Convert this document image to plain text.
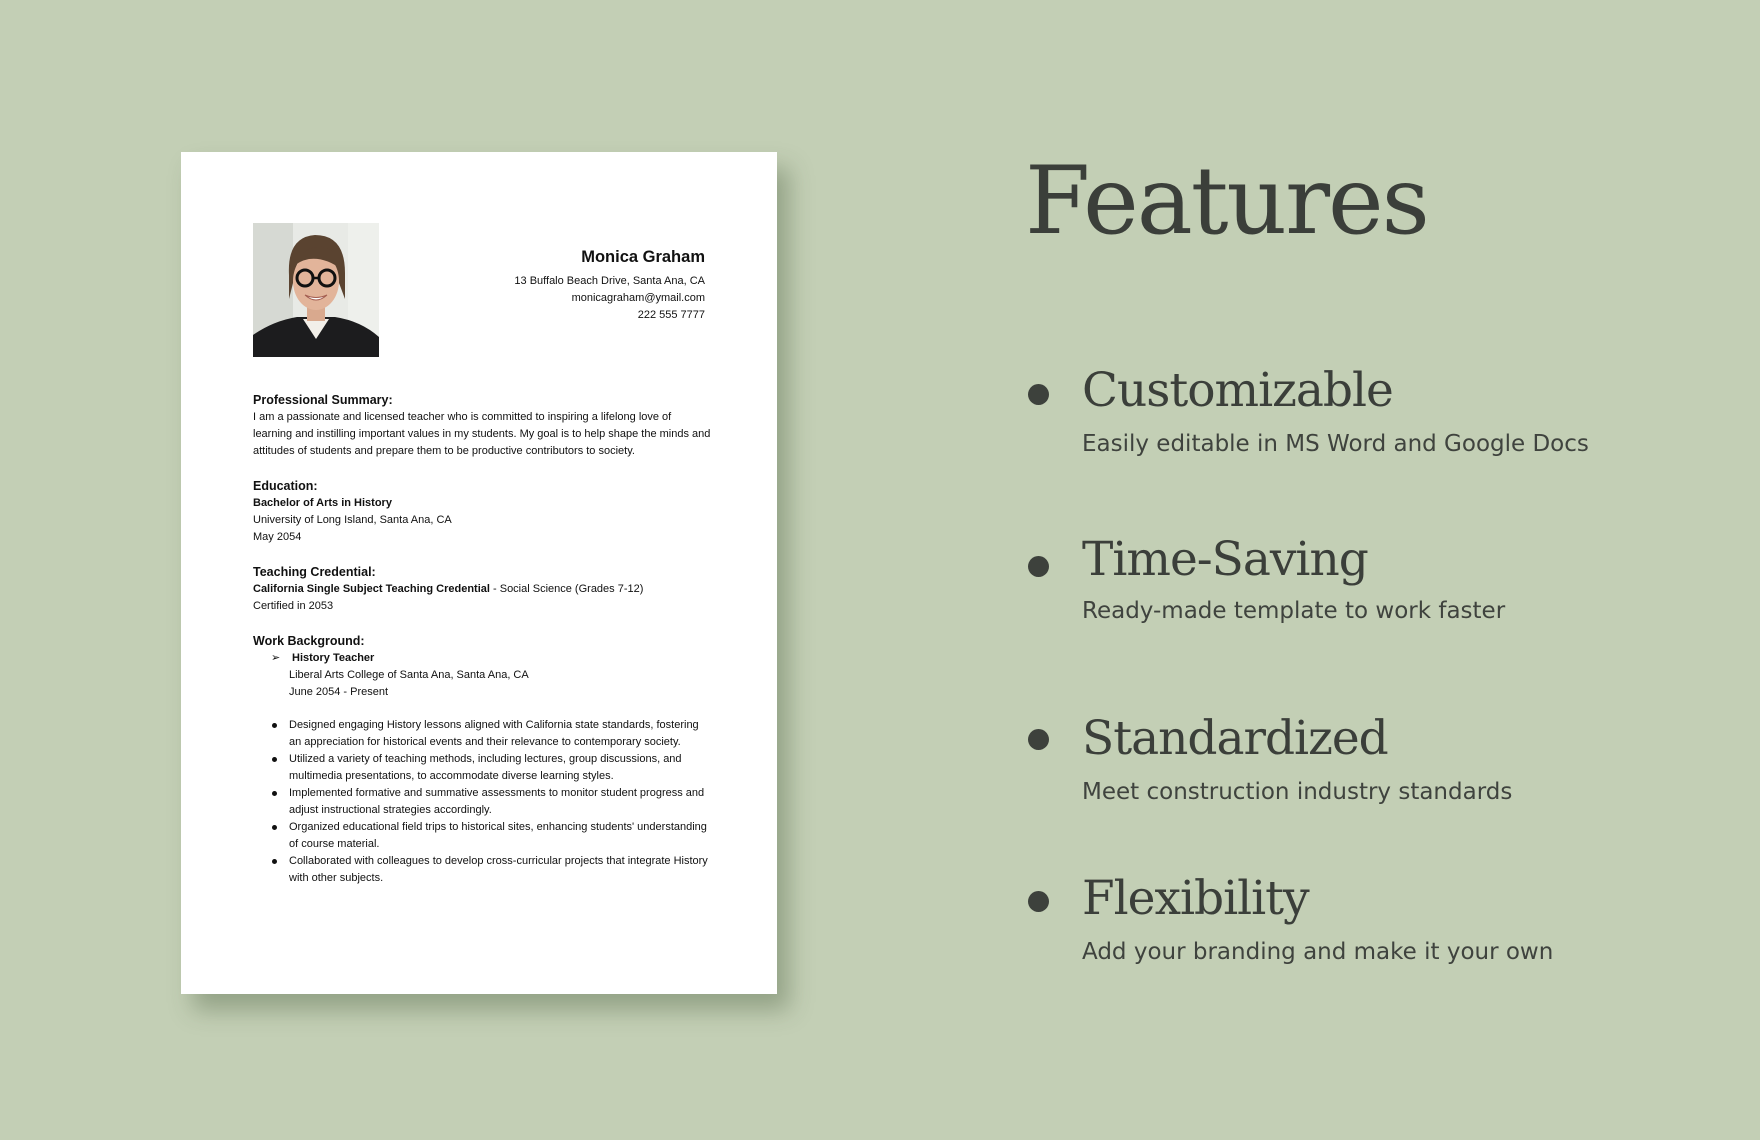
Monica Graham
13 Buffalo Beach Drive, Santa Ana, CA
monicagraham@ymail.com
222 555 7777
Professional Summary:
I am a passionate and licensed teacher who is committed to inspiring a lifelong love of learning and instilling important values in my students. My goal is to help shape the minds and attitudes of students and prepare them to be productive contributors to society.
Education:
Bachelor of Arts in History
University of Long Island, Santa Ana, CA
May 2054
Teaching Credential:
California Single Subject Teaching Credential - Social Science (Grades 7-12)
Certified in 2053
Work Background:
➢ History Teacher
Liberal Arts College of Santa Ana, Santa Ana, CA
June 2054 - Present
Designed engaging History lessons aligned with California state standards, fostering an appreciation for historical events and their relevance to contemporary society.
Utilized a variety of teaching methods, including lectures, group discussions, and multimedia presentations, to accommodate diverse learning styles.
Implemented formative and summative assessments to monitor student progress and adjust instructional strategies accordingly.
Organized educational field trips to historical sites, enhancing students' understanding of course material.
Collaborated with colleagues to develop cross-curricular projects that integrate History with other subjects.
Features
Customizable
Easily editable in MS Word and Google Docs
Time-Saving
Ready-made template to work faster
Standardized
Meet construction industry standards
Flexibility
Add your branding and make it your own
